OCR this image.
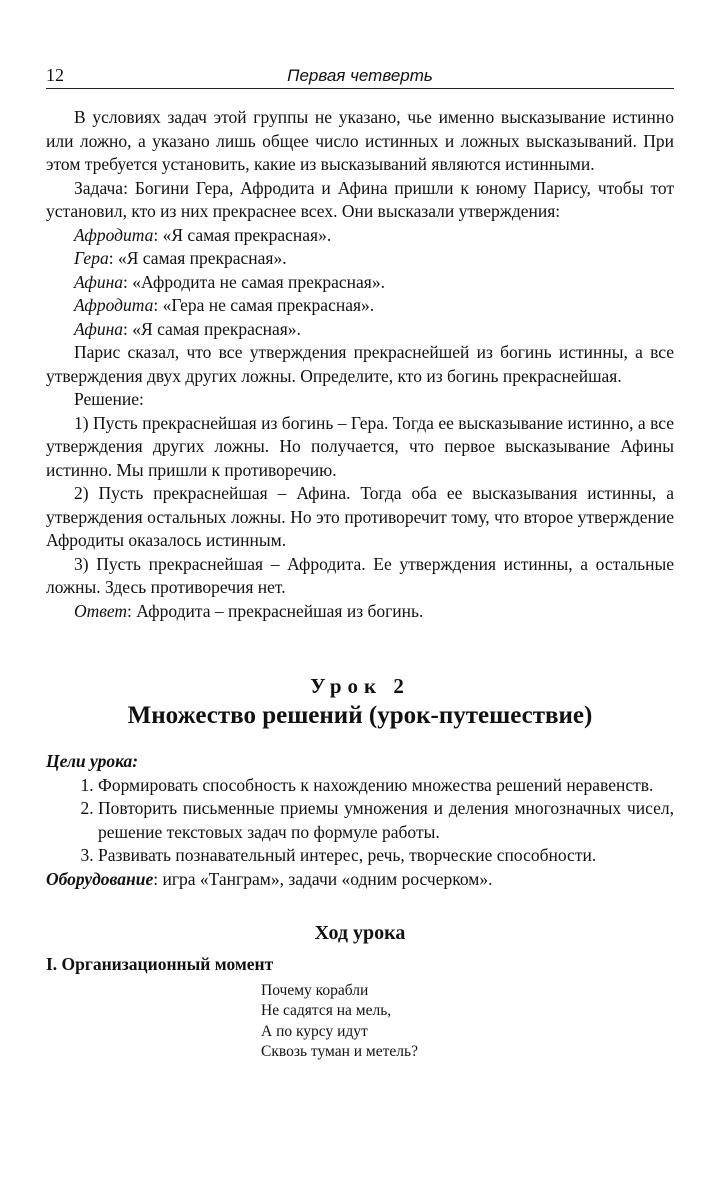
12	Первая четверть

В условиях задач этой группы не указано, чье именно высказывание истинно или ложно, а указано лишь общее число истинных и ложных высказываний. При этом требуется установить, какие из высказываний являются истинными.

Задача: Богини Гера, Афродита и Афина пришли к юному Парису, чтобы тот установил, кто из них прекраснее всех. Они высказали утверждения:

Афродита: «Я самая прекрасная».

Гера: «Я самая прекрасная».

Афина: «Афродита не самая прекрасная».

Афродита: «Гера не самая прекрасная».

Афина: «Я самая прекрасная».

Парис сказал, что все утверждения прекраснейшей из богинь истинны, а все утверждения двух других ложны. Определите, кто из богинь прекраснейшая.

Решение:

1) Пусть прекраснейшая из богинь – Гера. Тогда ее высказывание истинно, а все утверждения других ложны. Но получается, что первое высказывание Афины истинно. Мы пришли к противоречию.

2) Пусть прекраснейшая – Афина. Тогда оба ее высказывания истинны, а утверждения остальных ложны. Но это противоречит тому, что второе утверждение Афродиты оказалось истинным.

3) Пусть прекраснейшая – Афродита. Ее утверждения истинны, а остальные ложны. Здесь противоречия нет.

Ответ: Афродита – прекраснейшая из богинь.

Урок 2
Множество решений (урок-путешествие)
Цели урока:
1. Формировать способность к нахождению множества решений неравенств.
2. Повторить письменные приемы умножения и деления многозначных чисел, решение текстовых задач по формуле работы.
3. Развивать познавательный интерес, речь, творческие способности.

Оборудование: игра «Танграм», задачи «одним росчерком».

Ход урока
I. Организационный момент
Почему корабли
Не садятся на мель,
А по курсу идут
Сквозь туман и метель?
